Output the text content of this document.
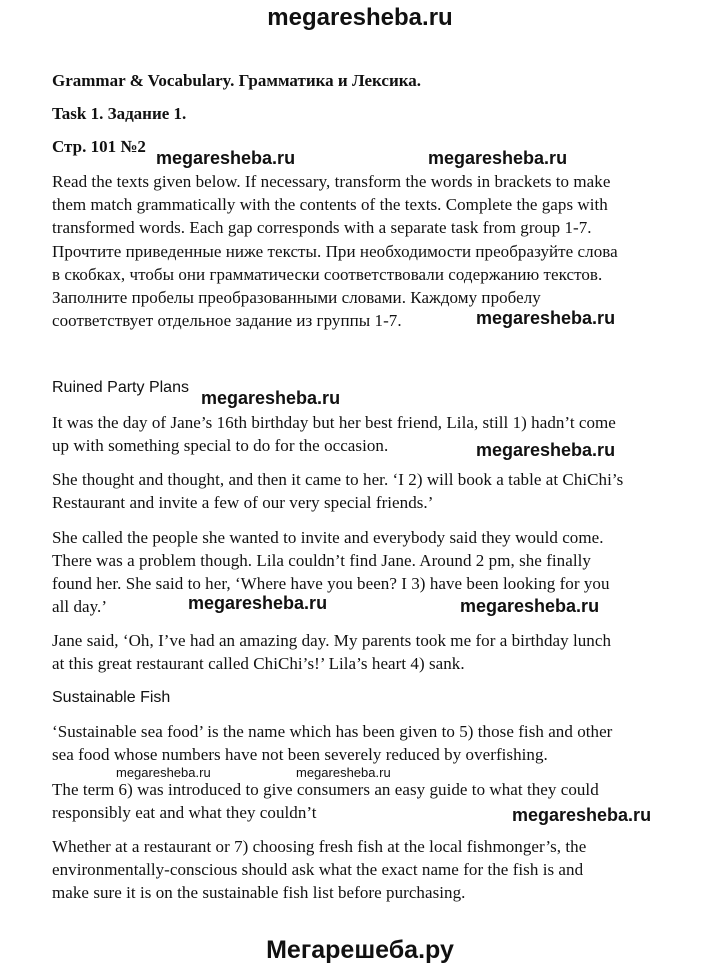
megaresheba.ru
Grammar & Vocabulary. Грамматика и Лексика.
Task 1. Задание 1.
Стр. 101 №2
Read the texts given below. If necessary, transform the words in brackets to make
them match grammatically with the contents of the texts. Complete the gaps with
transformed words. Each gap corresponds with a separate task from group 1-7.
Прочтите приведенные ниже тексты. При необходимости преобразуйте слова
в скобках, чтобы они грамматически соответствовали содержанию текстов.
Заполните пробелы преобразованными словами. Каждому пробелу
соответствует отдельное задание из группы 1-7.
Ruined Party Plans
It was the day of Jane’s 16th birthday but her best friend, Lila, still 1) hadn’t come
up with something special to do for the occasion.
She thought and thought, and then it came to her. ‘I 2) will book a table at ChiChi’s
Restaurant and invite a few of our very special friends.’
She called the people she wanted to invite and everybody said they would come.
There was a problem though. Lila couldn’t find Jane. Around 2 pm, she finally
found her. She said to her, ‘Where have you been? I 3) have been looking for you
all day.’
Jane said, ‘Oh, I’ve had an amazing day. My parents took me for a birthday lunch
at this great restaurant called ChiChi’s!’ Lila’s heart 4) sank.
Sustainable Fish
‘Sustainable sea food’ is the name which has been given to 5) those fish and other
sea food whose numbers have not been severely reduced by overfishing.
The term 6) was introduced to give consumers an easy guide to what they could
responsibly eat and what they couldn’t
Whether at a restaurant or 7) choosing fresh fish at the local fishmonger’s, the
environmentally-conscious should ask what the exact name for the fish is and
make sure it is on the sustainable fish list before purchasing.
megaresheba.ru	megaresheba.ru
megaresheba.ru
megaresheba.ru
megaresheba.ru
megaresheba.ru	megaresheba.ru
megaresheba.ru	megaresheba.ru
megaresheba.ru
Мегарешеба.ру
